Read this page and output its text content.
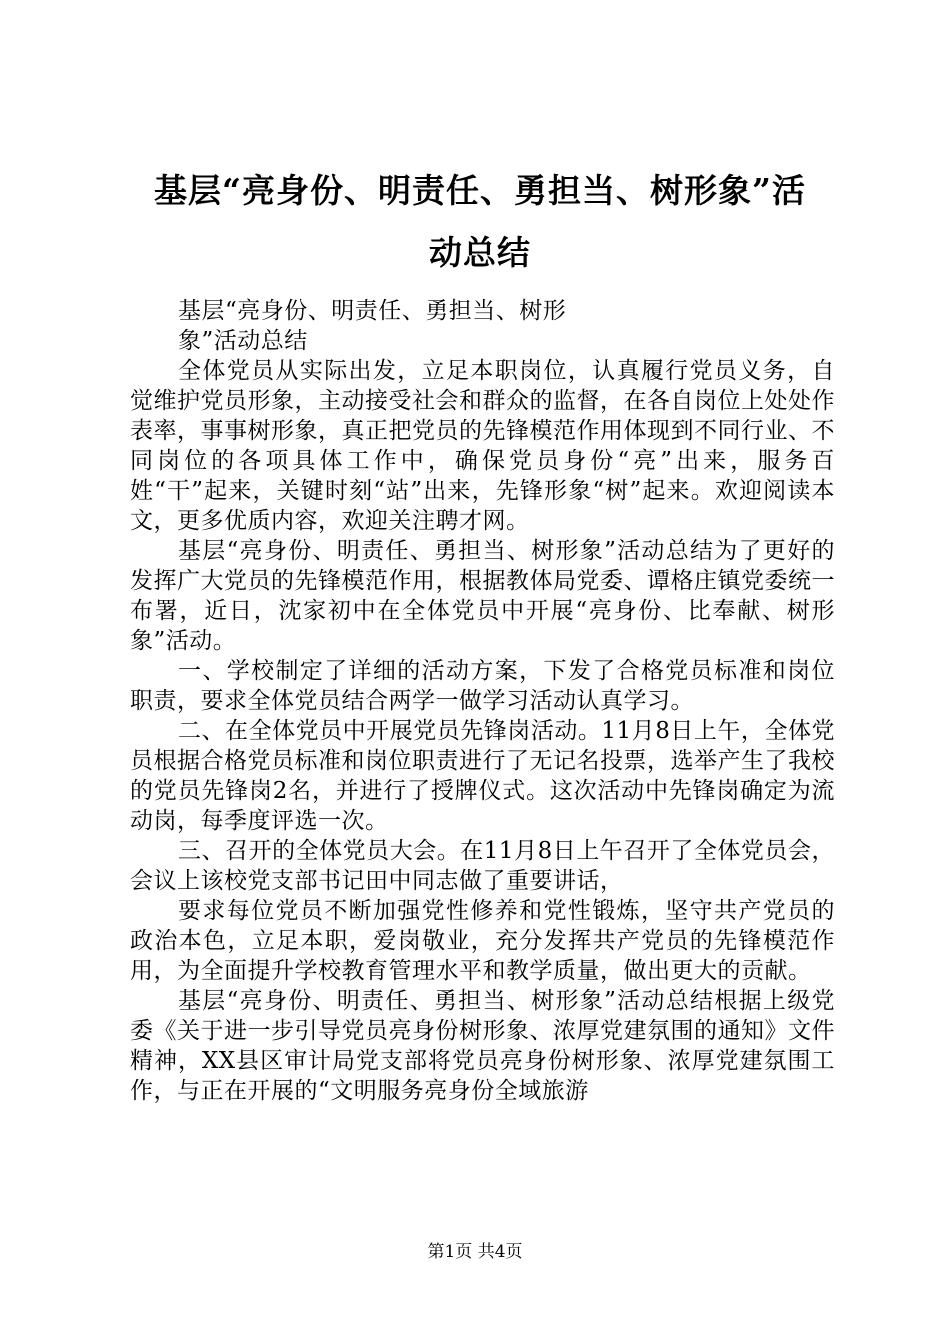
基层“亮身份、明责任、勇担当、树形象”活
动总结
基层“亮身份、明责任、勇担当、树形
象”活动总结

全体党员从实际出发，立足本职岗位，认真履行党员义务，自觉维护党员形象，主动接受社会和群众的监督，在各自岗位上处处作表率，事事树形象，真正把党员的先锋模范作用体现到不同行业、不同岗位的各项具体工作中，确保党员身份“亮”出来，服务百姓“干”起来，关键时刻“站”出来，先锋形象“树”起来。欢迎阅读本文，更多优质内容，欢迎关注聘才网。

基层“亮身份、明责任、勇担当、树形象”活动总结为了更好的发挥广大党员的先锋模范作用，根据教体局党委、谭格庄镇党委统一布署，近日，沈家初中在全体党员中开展“亮身份、比奉献、树形象”活动。

一、学校制定了详细的活动方案，下发了合格党员标准和岗位职责，要求全体党员结合两学一做学习活动认真学习。

二、在全体党员中开展党员先锋岗活动。11月8日上午，全体党员根据合格党员标准和岗位职责进行了无记名投票，选举产生了我校的党员先锋岗2名，并进行了授牌仪式。这次活动中先锋岗确定为流动岗，每季度评选一次。

三、召开的全体党员大会。在11月8日上午召开了全体党员会，会议上该校党支部书记田中同志做了重要讲话，

要求每位党员不断加强党性修养和党性锻炼，坚守共产党员的政治本色，立足本职，爱岗敬业，充分发挥共产党员的先锋模范作用，为全面提升学校教育管理水平和教学质量，做出更大的贡献。

基层“亮身份、明责任、勇担当、树形象”活动总结根据上级党委《关于进一步引导党员亮身份树形象、浓厚党建氛围的通知》文件精神，XX县区审计局党支部将党员亮身份树形象、浓厚党建氛围工作，与正在开展的“文明服务亮身份全域旅游

第1页 共4页
